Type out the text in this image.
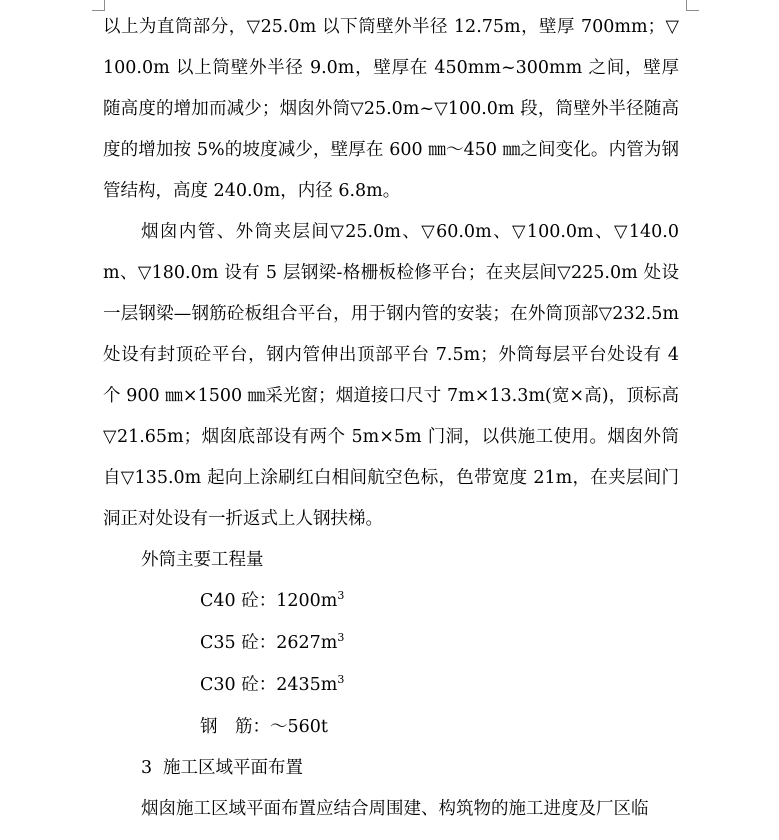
以上为直筒部分，▽25.0m 以下筒壁外半径 12.75m，壁厚 700mm；▽100.0m 以上筒壁外半径 9.0m，壁厚在 450mm~300mm 之间，壁厚随高度的增加而减少；烟囱外筒▽25.0m~▽100.0m 段，筒壁外半径随高度的增加按 5%的坡度减少，壁厚在 600 ㎜～450 ㎜之间变化。内管为钢管结构，高度 240.0m，内径 6.8m。

烟囱内管、外筒夹层间▽25.0m、▽60.0m、▽100.0m、▽140.0m、▽180.0m 设有 5 层钢梁-格栅板检修平台；在夹层间▽225.0m 处设一层钢梁—钢筋砼板组合平台，用于钢内管的安装；在外筒顶部▽232.5m 处设有封顶砼平台，钢内管伸出顶部平台 7.5m；外筒每层平台处设有 4 个 900 ㎜×1500 ㎜采光窗；烟道接口尺寸 7m×13.3m(宽×高)，顶标高▽21.65m；烟囱底部设有两个 5m×5m 门洞，以供施工使用。烟囱外筒自▽135.0m 起向上涂刷红白相间航空色标，色带宽度 21m，在夹层间门洞正对处设有一折返式上人钢扶梯。

外筒主要工程量
C40 砼：$1200m^3$
C35 砼：$2627m^3$
C30 砼：$2435m^3$
钢　筋：～560t
3 施工区域平面布置

烟囱施工区域平面布置应结合周围建、构筑物的施工进度及厂区临
